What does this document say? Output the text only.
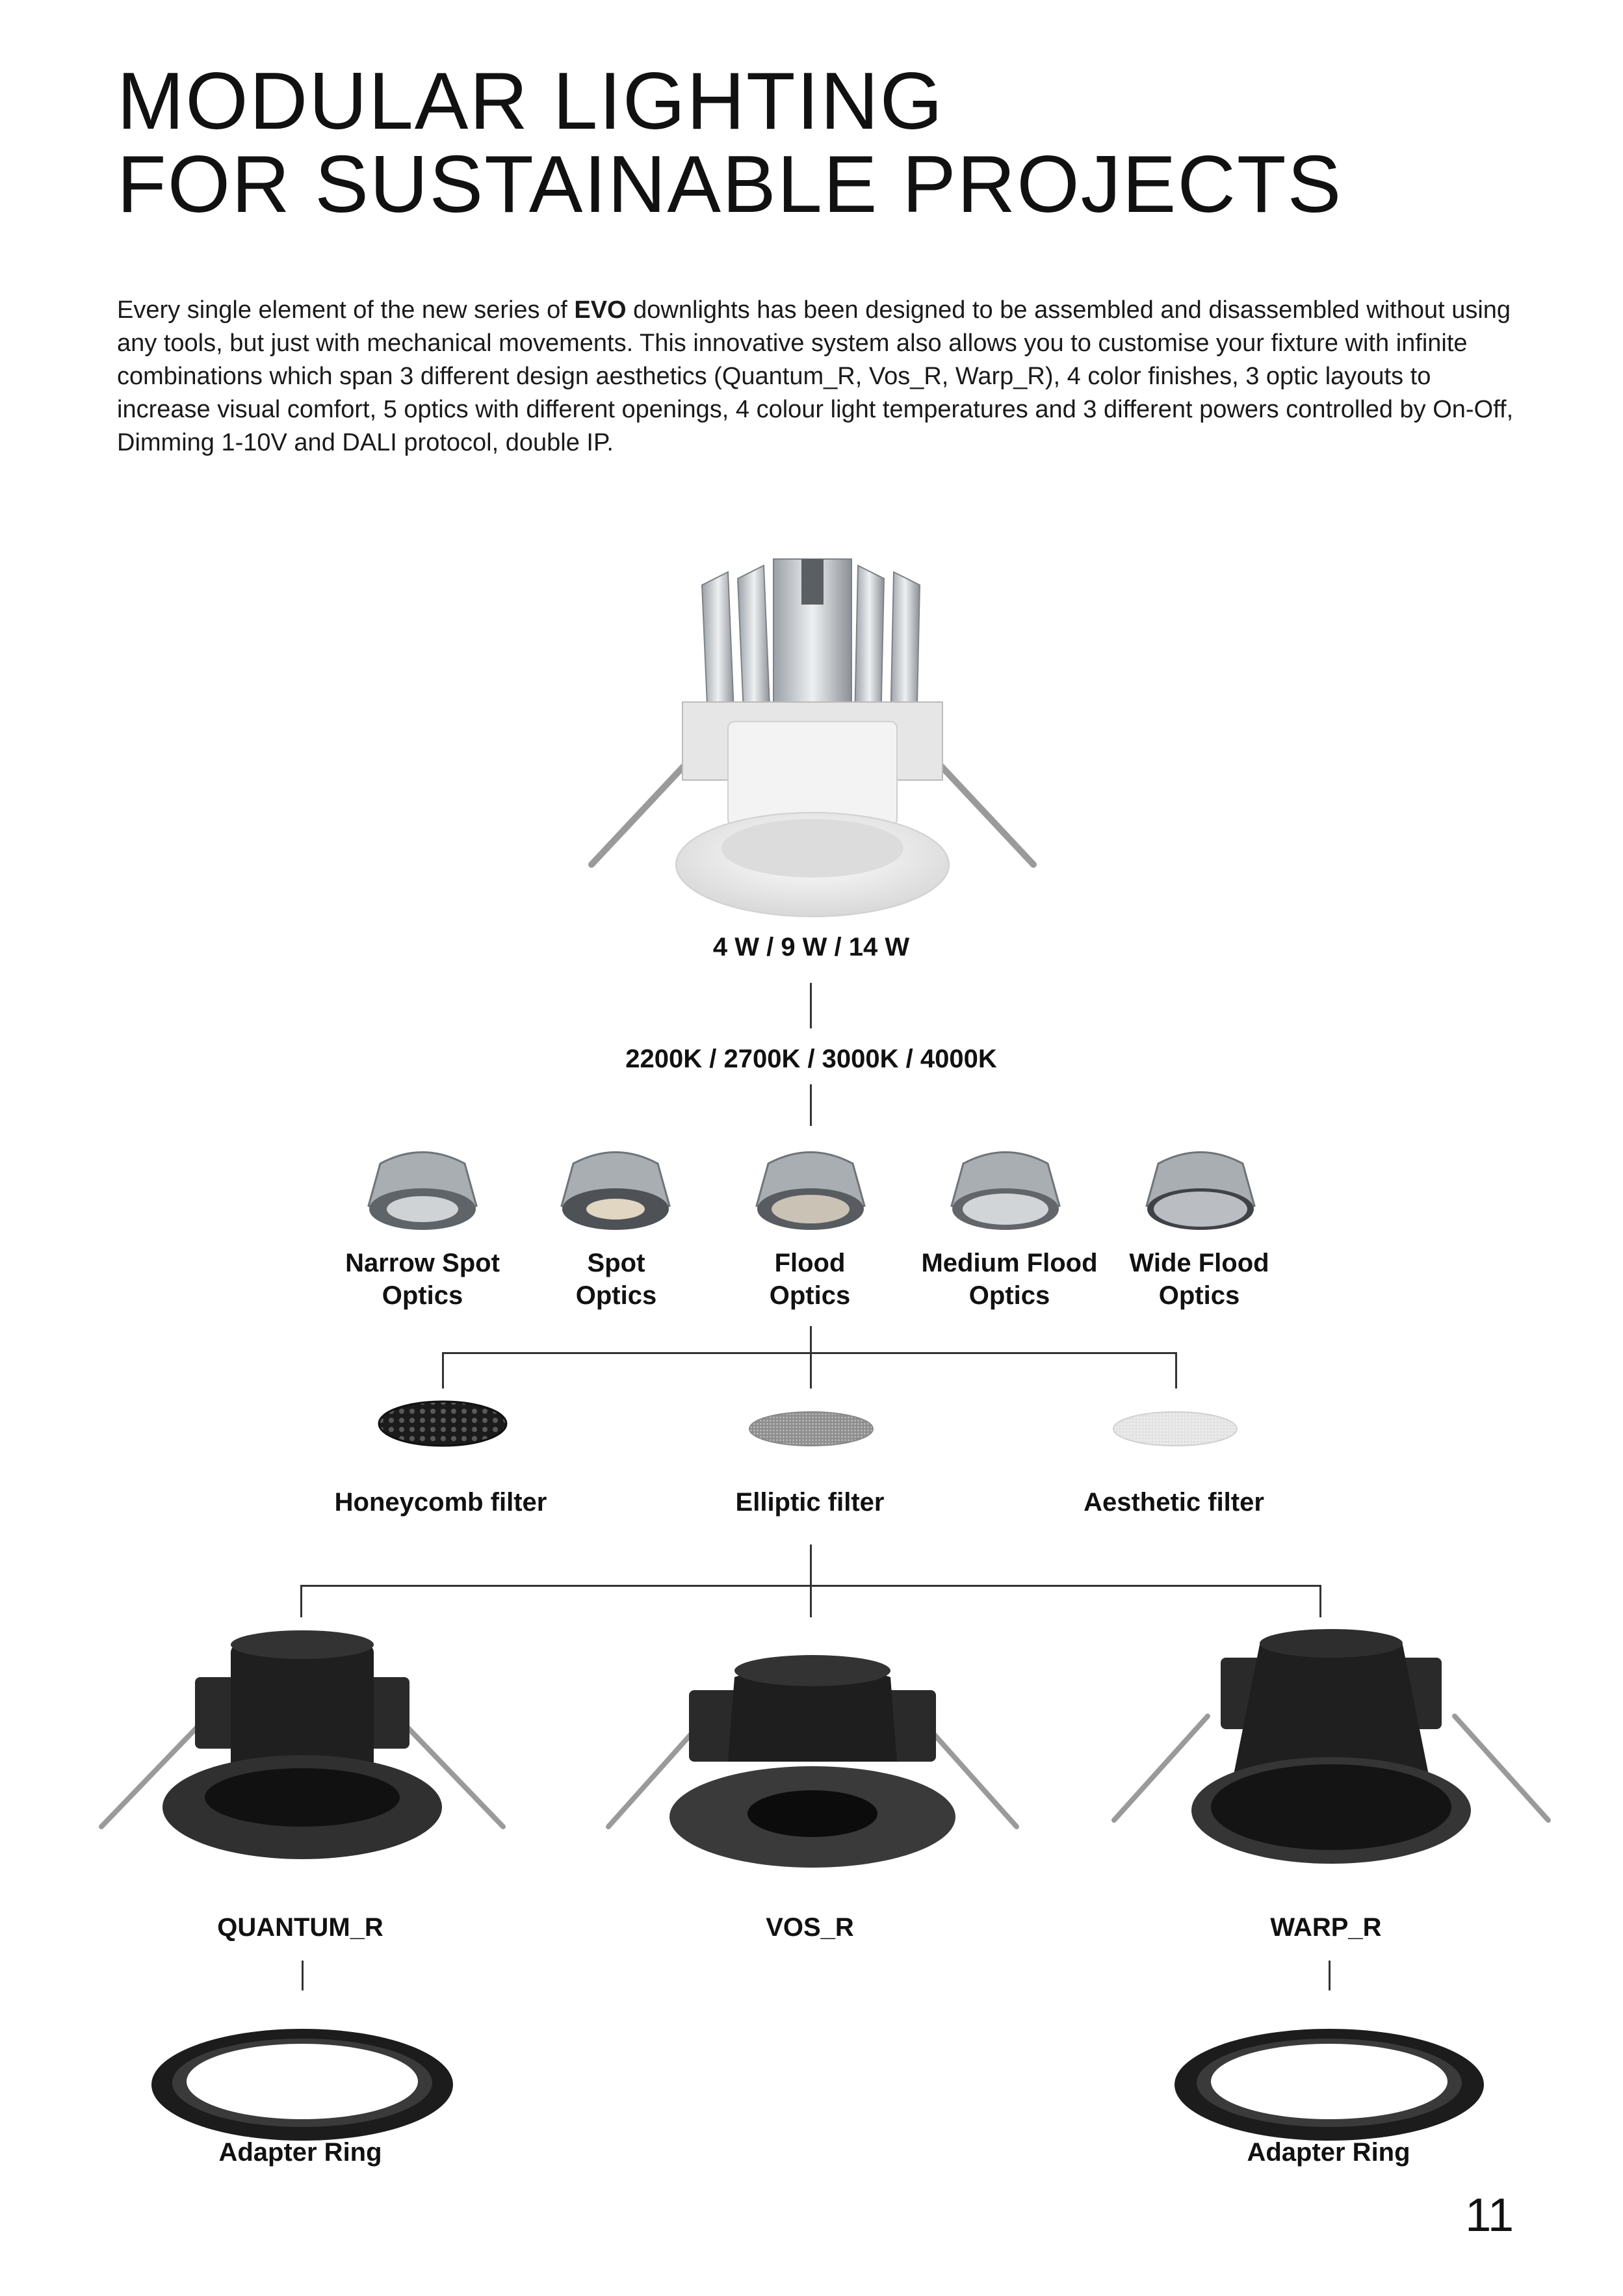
MODULAR LIGHTING
FOR SUSTAINABLE PROJECTS

Every single element of the new series of EVO downlights has been designed to be assembled and disassembled without using any tools, but just with mechanical movements. This innovative system also allows you to customise your fixture with infinite combinations which span 3 different design aesthetics (Quantum_R, Vos_R, Warp_R), 4 color finishes, 3 optic layouts to increase visual comfort, 5 optics with different openings, 4 colour light temperatures and 3 different powers controlled by On-Off, Dimming 1-10V and DALI protocol, double IP.

4 W / 9 W / 14 W
2200K / 2700K / 3000K / 4000K
Narrow Spot
Optics
Spot
Optics
Flood
Optics
Medium Flood
Optics
Wide Flood
Optics
Honeycomb filter	Elliptic filter	Aesthetic filter
QUANTUM_R	VOS_R	WARP_R
Adapter Ring	Adapter Ring
11
